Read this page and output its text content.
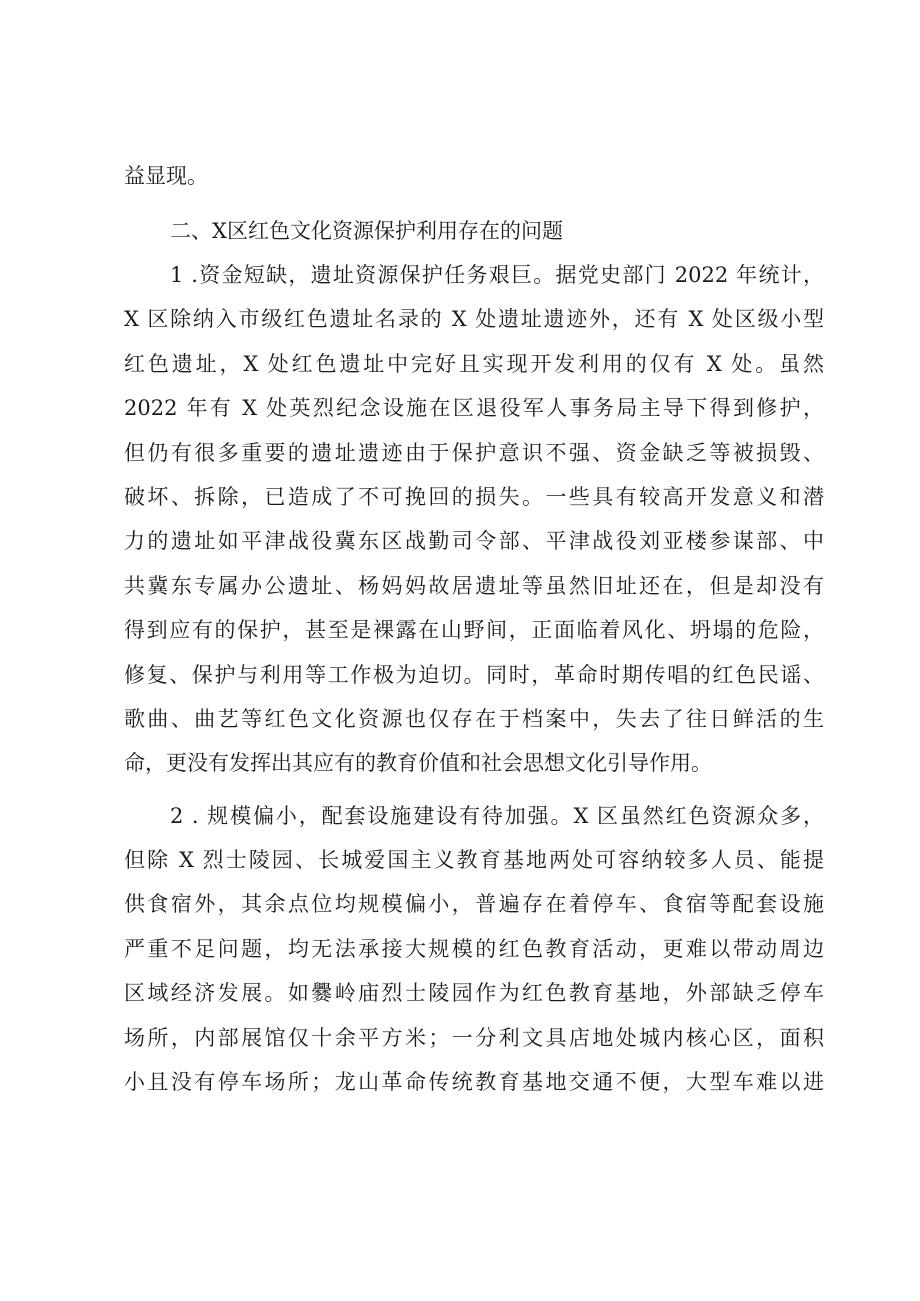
益显现。
二、X区红色文化资源保护利用存在的问题
1 .资金短缺，遗址资源保护任务艰巨。据党史部门 2022 年统计，
X 区除纳入市级红色遗址名录的 X 处遗址遗迹外，还有 X 处区级小型
红色遗址，X 处红色遗址中完好且实现开发利用的仅有 X 处。虽然
2022 年有 X 处英烈纪念设施在区退役军人事务局主导下得到修护，
但仍有很多重要的遗址遗迹由于保护意识不强、资金缺乏等被损毁、
破坏、拆除，已造成了不可挽回的损失。一些具有较高开发意义和潜
力的遗址如平津战役冀东区战勤司令部、平津战役刘亚楼参谋部、中
共冀东专属办公遗址、杨妈妈故居遗址等虽然旧址还在，但是却没有
得到应有的保护，甚至是裸露在山野间，正面临着风化、坍塌的危险，
修复、保护与利用等工作极为迫切。同时，革命时期传唱的红色民谣、
歌曲、曲艺等红色文化资源也仅存在于档案中，失去了往日鲜活的生
命，更没有发挥出其应有的教育价值和社会思想文化引导作用。
2 . 规模偏小，配套设施建设有待加强。X 区虽然红色资源众多，
但除 X 烈士陵园、长城爱国主义教育基地两处可容纳较多人员、能提
供食宿外，其余点位均规模偏小，普遍存在着停车、食宿等配套设施
严重不足问题，均无法承接大规模的红色教育活动，更难以带动周边
区域经济发展。如爨岭庙烈士陵园作为红色教育基地，外部缺乏停车
场所，内部展馆仅十余平方米；一分利文具店地处城内核心区，面积
小且没有停车场所；龙山革命传统教育基地交通不便，大型车难以进
